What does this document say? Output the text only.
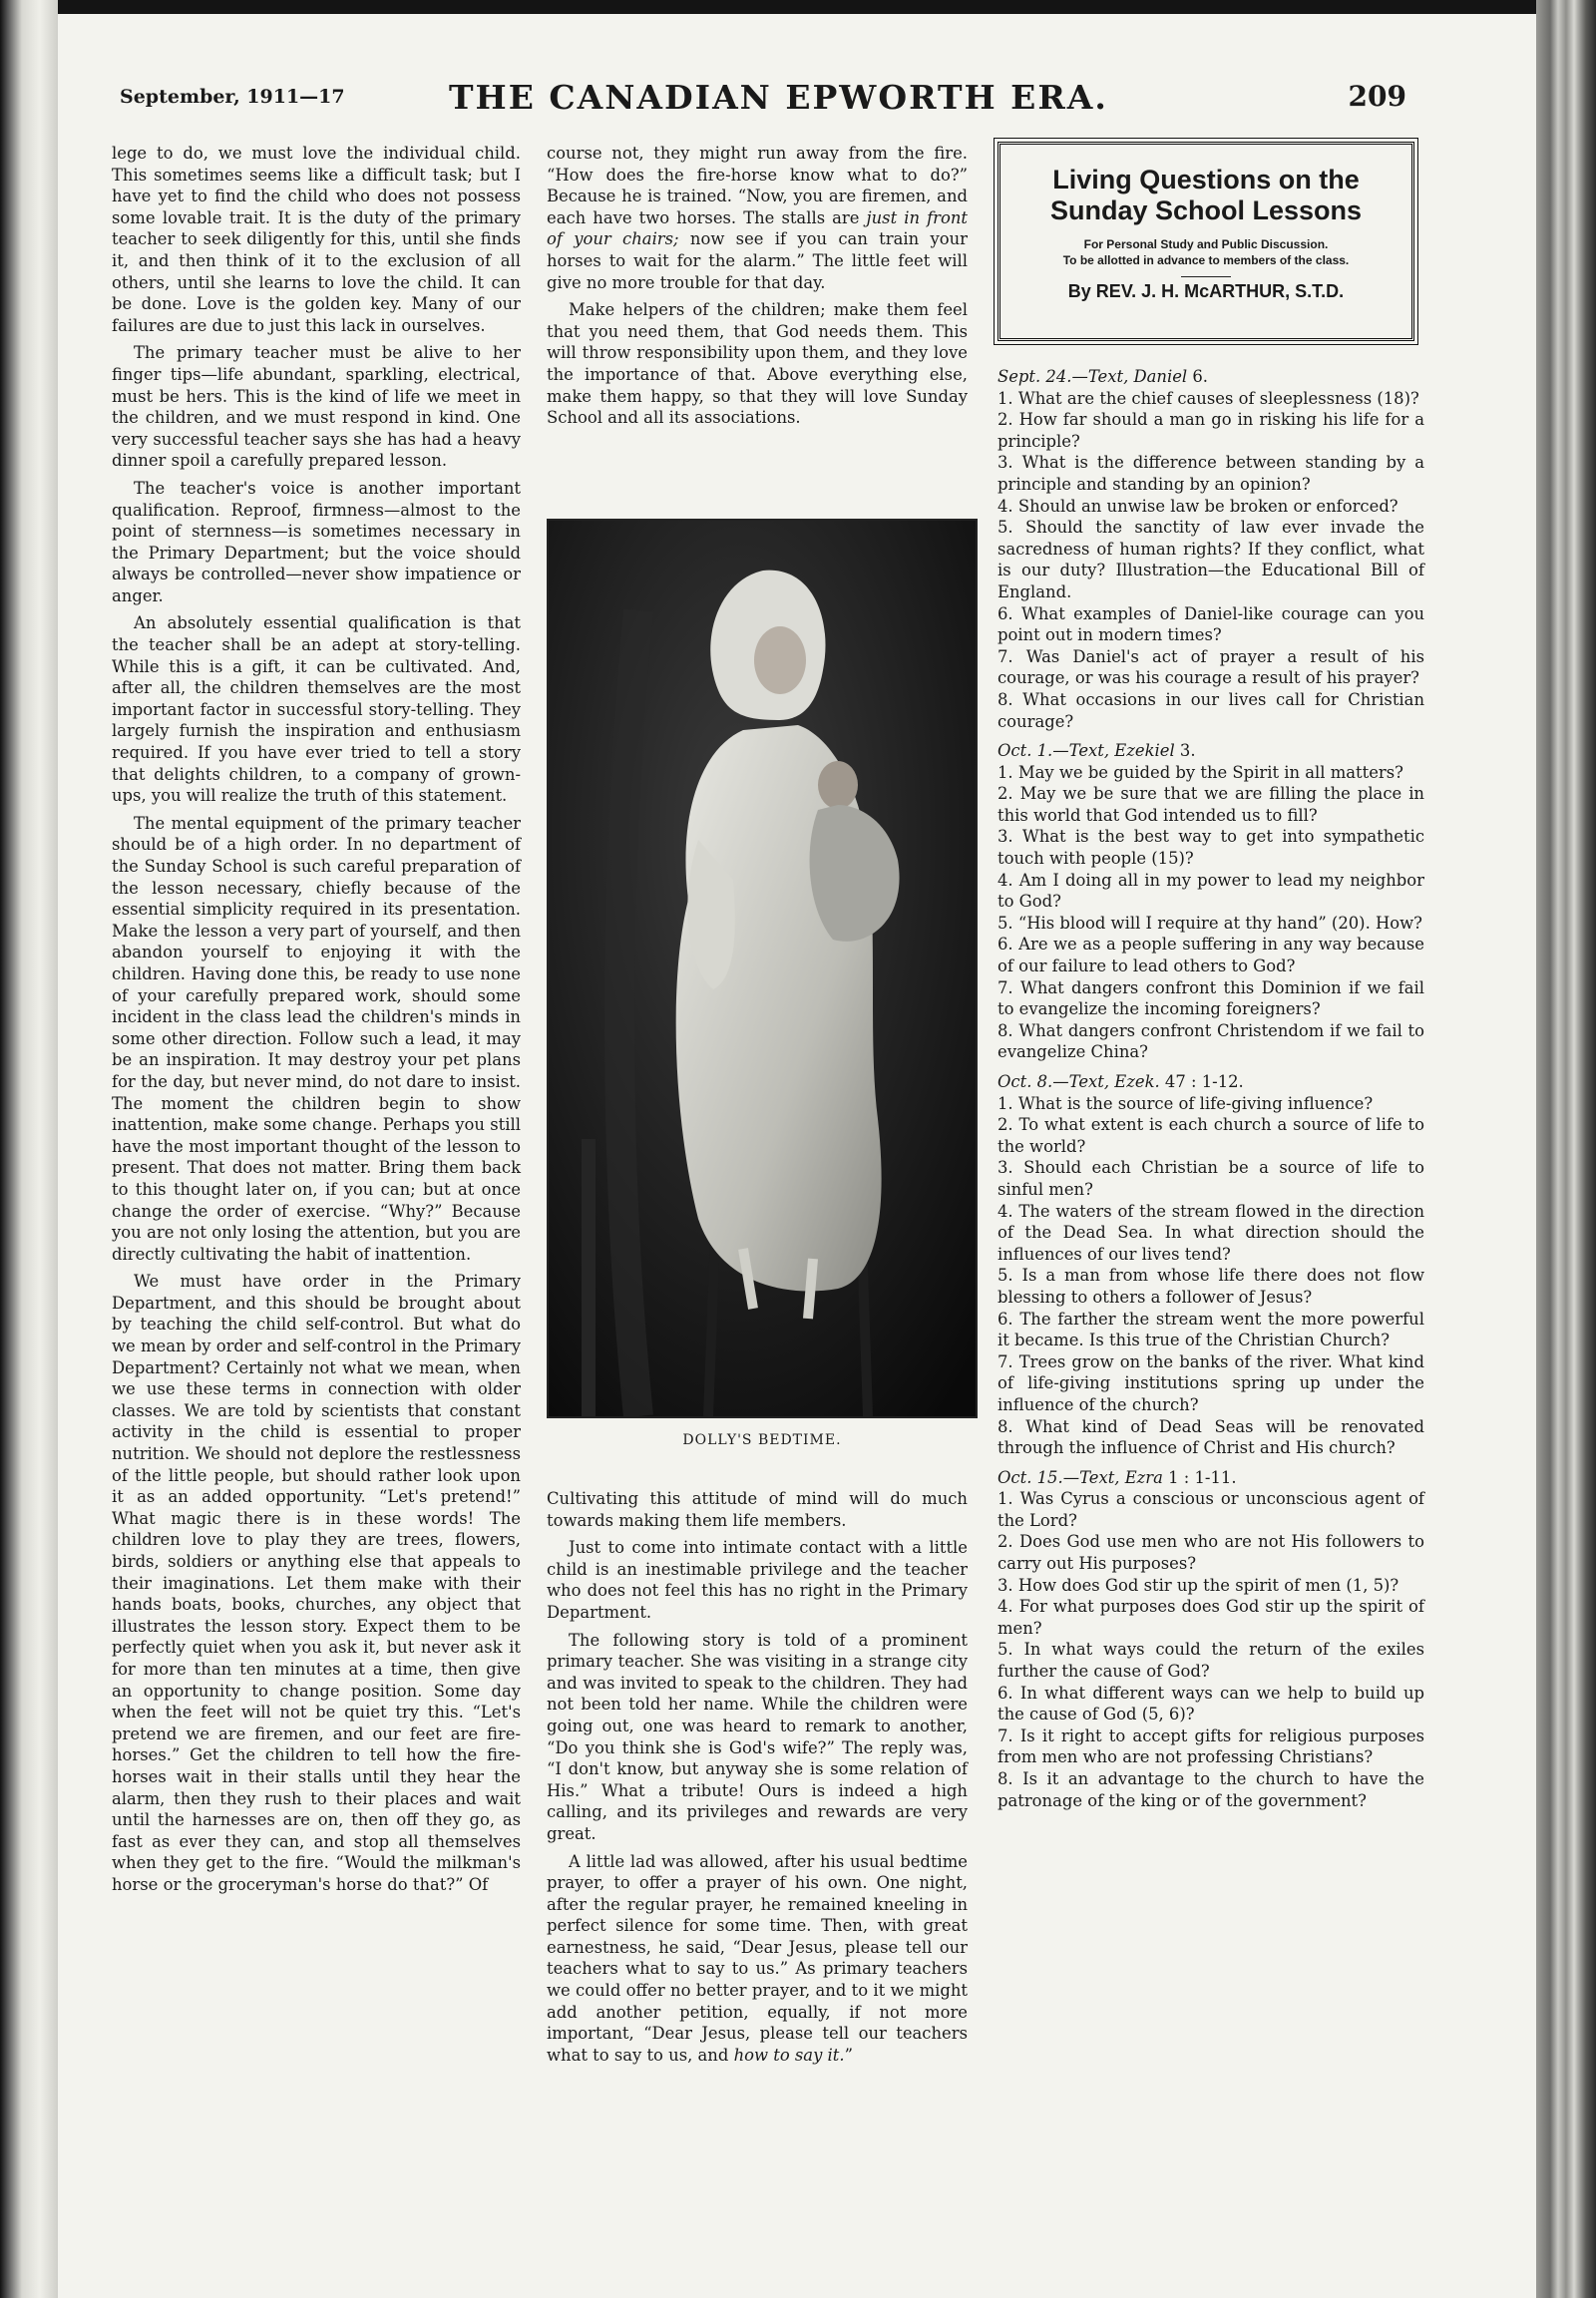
September, 1911—17	THE CANADIAN EPWORTH ERA.	209

lege to do, we must love the individual child. This sometimes seems like a difficult task; but I have yet to find the child who does not possess some lovable trait. It is the duty of the primary teacher to seek diligently for this, until she finds it, and then think of it to the exclusion of all others, until she learns to love the child. It can be done. Love is the golden key. Many of our failures are due to just this lack in ourselves.

The primary teacher must be alive to her finger tips—life abundant, sparkling, electrical, must be hers. This is the kind of life we meet in the children, and we must respond in kind. One very successful teacher says she has had a heavy dinner spoil a carefully prepared lesson.

The teacher's voice is another important qualification. Reproof, firmness—almost to the point of sternness—is sometimes necessary in the Primary Department; but the voice should always be controlled—never show impatience or anger.

An absolutely essential qualification is that the teacher shall be an adept at story-telling. While this is a gift, it can be cultivated. And, after all, the children themselves are the most important factor in successful story-telling. They largely furnish the inspiration and enthusiasm required. If you have ever tried to tell a story that delights children, to a company of grown-ups, you will realize the truth of this statement.

The mental equipment of the primary teacher should be of a high order. In no department of the Sunday School is such careful preparation of the lesson necessary, chiefly because of the essential simplicity required in its presentation. Make the lesson a very part of yourself, and then abandon yourself to enjoying it with the children. Having done this, be ready to use none of your carefully prepared work, should some incident in the class lead the children's minds in some other direction. Follow such a lead, it may be an inspiration. It may destroy your pet plans for the day, but never mind, do not dare to insist. The moment the children begin to show inattention, make some change. Perhaps you still have the most important thought of the lesson to present. That does not matter. Bring them back to this thought later on, if you can; but at once change the order of exercise. “Why?” Because you are not only losing the attention, but you are directly cultivating the habit of inattention.

We must have order in the Primary Department, and this should be brought about by teaching the child self-control. But what do we mean by order and self-control in the Primary Department? Certainly not what we mean, when we use these terms in connection with older classes. We are told by scientists that constant activity in the child is essential to proper nutrition. We should not deplore the restlessness of the little people, but should rather look upon it as an added opportunity. “Let's pretend!” What magic there is in these words! The children love to play they are trees, flowers, birds, soldiers or anything else that appeals to their imaginations. Let them make with their hands boats, books, churches, any object that illustrates the lesson story. Expect them to be perfectly quiet when you ask it, but never ask it for more than ten minutes at a time, then give an opportunity to change position. Some day when the feet will not be quiet try this. “Let's pretend we are firemen, and our feet are fire-horses.” Get the children to tell how the fire-horses wait in their stalls until they hear the alarm, then they rush to their places and wait until the harnesses are on, then off they go, as fast as ever they can, and stop all themselves when they get to the fire. “Would the milkman's horse or the groceryman's horse do that?” Of

course not, they might run away from the fire. “How does the fire-horse know what to do?” Because he is trained. “Now, you are firemen, and each have two horses. The stalls are just in front of your chairs; now see if you can train your horses to wait for the alarm.” The little feet will give no more trouble for that day.

Make helpers of the children; make them feel that you need them, that God needs them. This will throw responsibility upon them, and they love the importance of that. Above everything else, make them happy, so that they will love Sunday School and all its associations.

DOLLY'S BEDTIME.

Cultivating this attitude of mind will do much towards making them life members.

Just to come into intimate contact with a little child is an inestimable privilege and the teacher who does not feel this has no right in the Primary Department.

The following story is told of a prominent primary teacher. She was visiting in a strange city and was invited to speak to the children. They had not been told her name. While the children were going out, one was heard to remark to another, “Do you think she is God's wife?” The reply was, “I don't know, but anyway she is some relation of His.” What a tribute! Ours is indeed a high calling, and its privileges and rewards are very great.

A little lad was allowed, after his usual bedtime prayer, to offer a prayer of his own. One night, after the regular prayer, he remained kneeling in perfect silence for some time. Then, with great earnestness, he said, “Dear Jesus, please tell our teachers what to say to us.” As primary teachers we could offer no better prayer, and to it we might add another petition, equally, if not more important, “Dear Jesus, please tell our teachers what to say to us, and how to say it.”

Living Questions on the Sunday School Lessons
For Personal Study and Public Discussion.
To be allotted in advance to members of the class.
By REV. J. H. McARTHUR, S.T.D.
Sept. 24.—Text, Daniel 6.

1. What are the chief causes of sleeplessness (18)?

2. How far should a man go in risking his life for a principle?

3. What is the difference between standing by a principle and standing by an opinion?

4. Should an unwise law be broken or enforced?

5. Should the sanctity of law ever invade the sacredness of human rights? If they conflict, what is our duty? Illustration—the Educational Bill of England.

6. What examples of Daniel-like courage can you point out in modern times?

7. Was Daniel's act of prayer a result of his courage, or was his courage a result of his prayer?

8. What occasions in our lives call for Christian courage?

Oct. 1.—Text, Ezekiel 3.

1. May we be guided by the Spirit in all matters?

2. May we be sure that we are filling the place in this world that God intended us to fill?

3. What is the best way to get into sympathetic touch with people (15)?

4. Am I doing all in my power to lead my neighbor to God?

5. “His blood will I require at thy hand” (20). How?

6. Are we as a people suffering in any way because of our failure to lead others to God?

7. What dangers confront this Dominion if we fail to evangelize the incoming foreigners?

8. What dangers confront Christendom if we fail to evangelize China?

Oct. 8.—Text, Ezek. 47 : 1-12.

1. What is the source of life-giving influence?

2. To what extent is each church a source of life to the world?

3. Should each Christian be a source of life to sinful men?

4. The waters of the stream flowed in the direction of the Dead Sea. In what direction should the influences of our lives tend?

5. Is a man from whose life there does not flow blessing to others a follower of Jesus?

6. The farther the stream went the more powerful it became. Is this true of the Christian Church?

7. Trees grow on the banks of the river. What kind of life-giving institutions spring up under the influence of the church?

8. What kind of Dead Seas will be renovated through the influence of Christ and His church?

Oct. 15.—Text, Ezra 1 : 1-11.

1. Was Cyrus a conscious or unconscious agent of the Lord?

2. Does God use men who are not His followers to carry out His purposes?

3. How does God stir up the spirit of men (1, 5)?

4. For what purposes does God stir up the spirit of men?

5. In what ways could the return of the exiles further the cause of God?

6. In what different ways can we help to build up the cause of God (5, 6)?

7. Is it right to accept gifts for religious purposes from men who are not professing Christians?

8. Is it an advantage to the church to have the patronage of the king or of the government?
